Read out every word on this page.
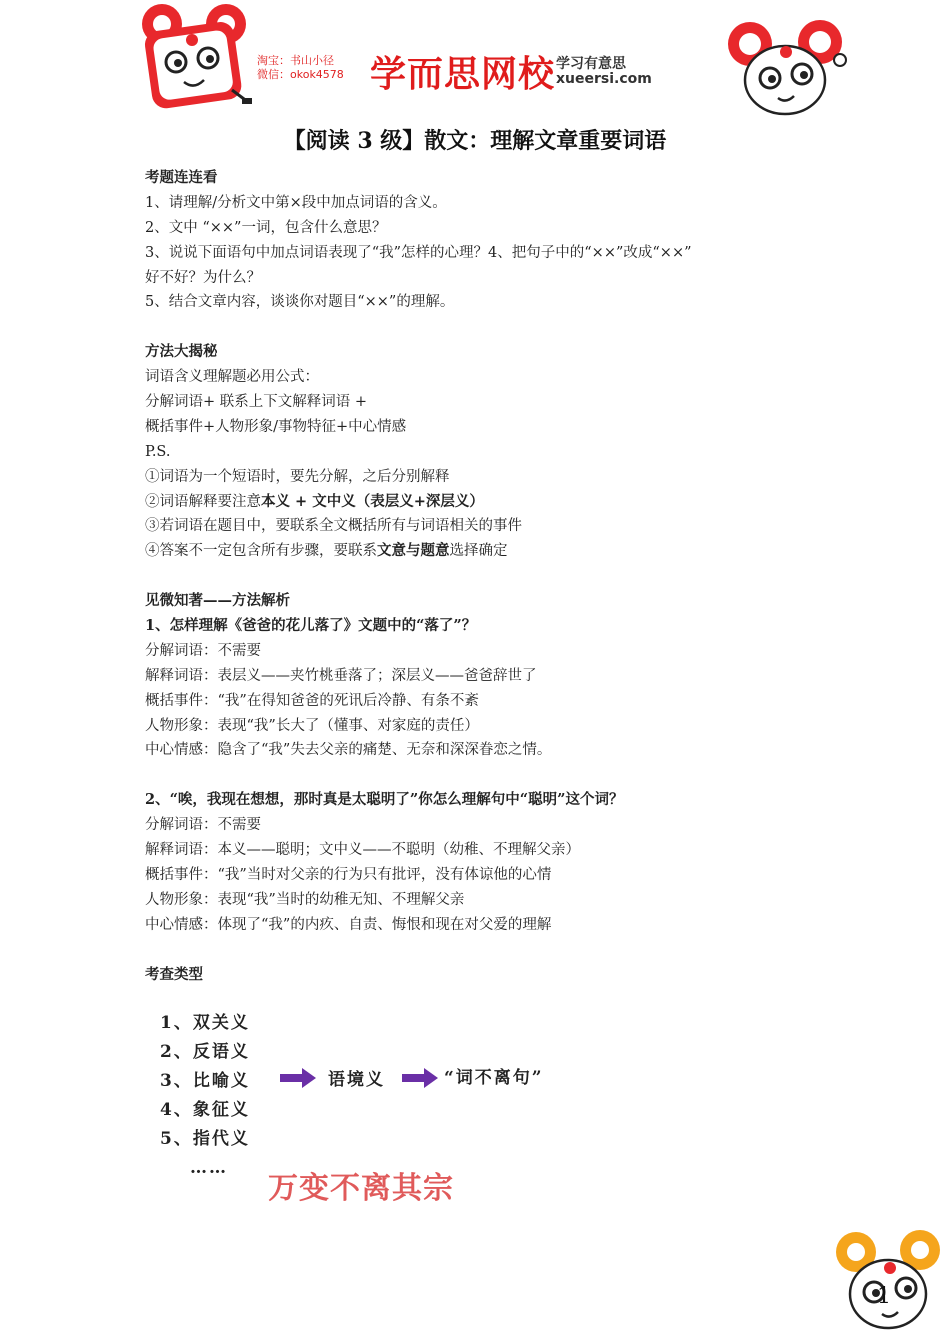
淘宝：书山小径
微信：okok4578 学而思网校 学习有意思
xueersi.com
【阅读 3 级】散文：理解文章重要词语
考题连连看
1、请理解/分析文中第×段中加点词语的含义。
2、文中 “××”一词，包含什么意思？
3、说说下面语句中加点词语表现了“我”怎样的心理？4、把句子中的“××”改成“××”
好不好？为什么？
5、结合文章内容，谈谈你对题目“××”的理解。
方法大揭秘
词语含义理解题必用公式：
分解词语+ 联系上下文解释词语 +
概括事件+人物形象/事物特征+中心情感
P.S.
①词语为一个短语时，要先分解，之后分别解释
②词语解释要注意本义 + 文中义（表层义+深层义）
③若词语在题目中，要联系全文概括所有与词语相关的事件
④答案不一定包含所有步骤，要联系文意与题意选择确定
见微知著——方法解析
1、怎样理解《爸爸的花儿落了》文题中的“落了”？
分解词语：不需要
解释词语：表层义——夹竹桃垂落了；深层义——爸爸辞世了
概括事件：“我”在得知爸爸的死讯后冷静、有条不紊
人物形象：表现“我”长大了（懂事、对家庭的责任）
中心情感：隐含了“我”失去父亲的痛楚、无奈和深深眷恋之情。
2、“唉，我现在想想，那时真是太聪明了”你怎么理解句中“聪明”这个词？
分解词语：不需要
解释词语：本义——聪明；文中义——不聪明（幼稚、不理解父亲）
概括事件：“我”当时对父亲的行为只有批评，没有体谅他的心情
人物形象：表现“我”当时的幼稚无知、不理解父亲
中心情感：体现了“我”的内疚、自责、悔恨和现在对父爱的理解
考查类型
1、双关义
2、反语义
3、比喻义
4、象征义
5、指代义
……
语境义	“词不离句”
万变不离其宗
1
